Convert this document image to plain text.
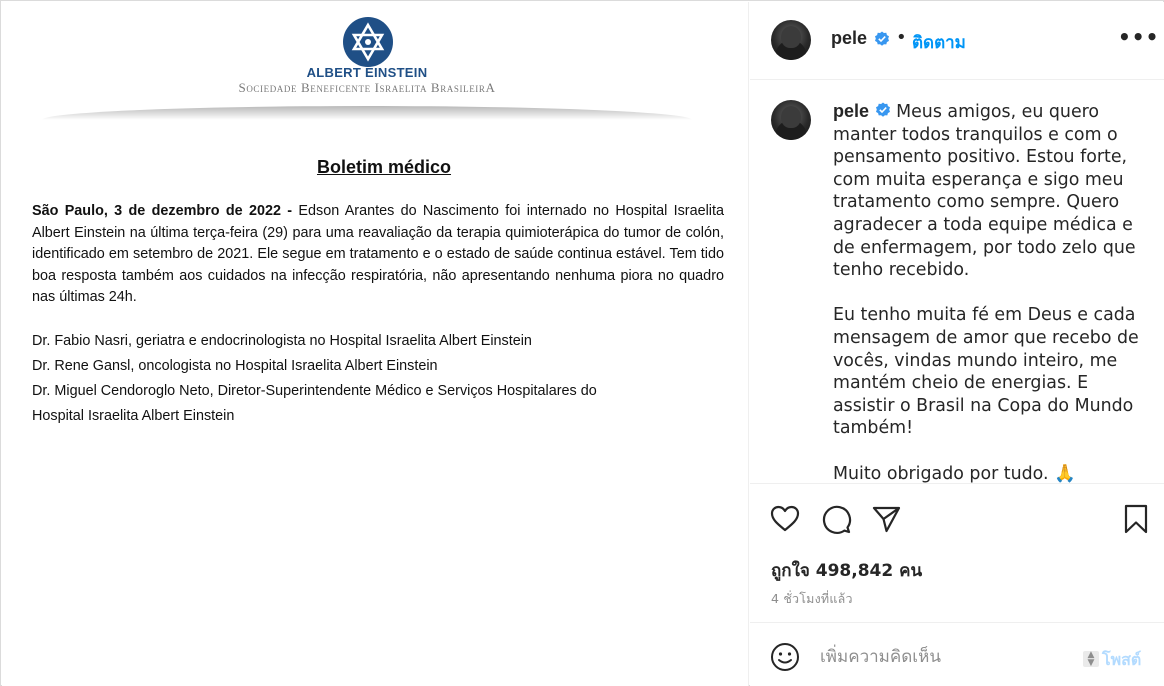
ALBERT EINSTEIN
Sociedade Beneficente Israelita BrasileirA
Boletim médico
São Paulo, 3 de dezembro de 2022 - Edson Arantes do Nascimento foi internado no Hospital Israelita Albert Einstein na última terça-feira (29) para uma reavaliação da terapia quimioterápica do tumor de colón, identificado em setembro de 2021. Ele segue em tratamento e o estado de saúde continua estável. Tem tido boa resposta também aos cuidados na infecção respiratória, não apresentando nenhuma piora no quadro nas últimas 24h.
Dr. Fabio Nasri, geriatra e endocrinologista no Hospital Israelita Albert Einstein
Dr. Rene Gansl, oncologista no Hospital Israelita Albert Einstein
Dr. Miguel Cendoroglo Neto, Diretor-Superintendente Médico e Serviços Hospitalares do
Hospital Israelita Albert Einstein
pele • ติดตาม	•••
pele Meus amigos, eu quero manter todos tranquilos e com o pensamento positivo. Estou forte, com muita esperança e sigo meu tratamento como sempre. Quero agradecer a toda equipe médica e de enfermagem, por todo zelo que tenho recebido.

Eu tenho muita fé em Deus e cada mensagem de amor que recebo de vocês, vindas mundo inteiro, me mantém cheio de energias. E assistir o Brasil na Copa do Mundo também!

Muito obrigado por tudo. 🙏
ถูกใจ 498,842 คน
4 ชั่วโมงที่แล้ว
เพิ่มความคิดเห็น
▲
▼ โพสต์
